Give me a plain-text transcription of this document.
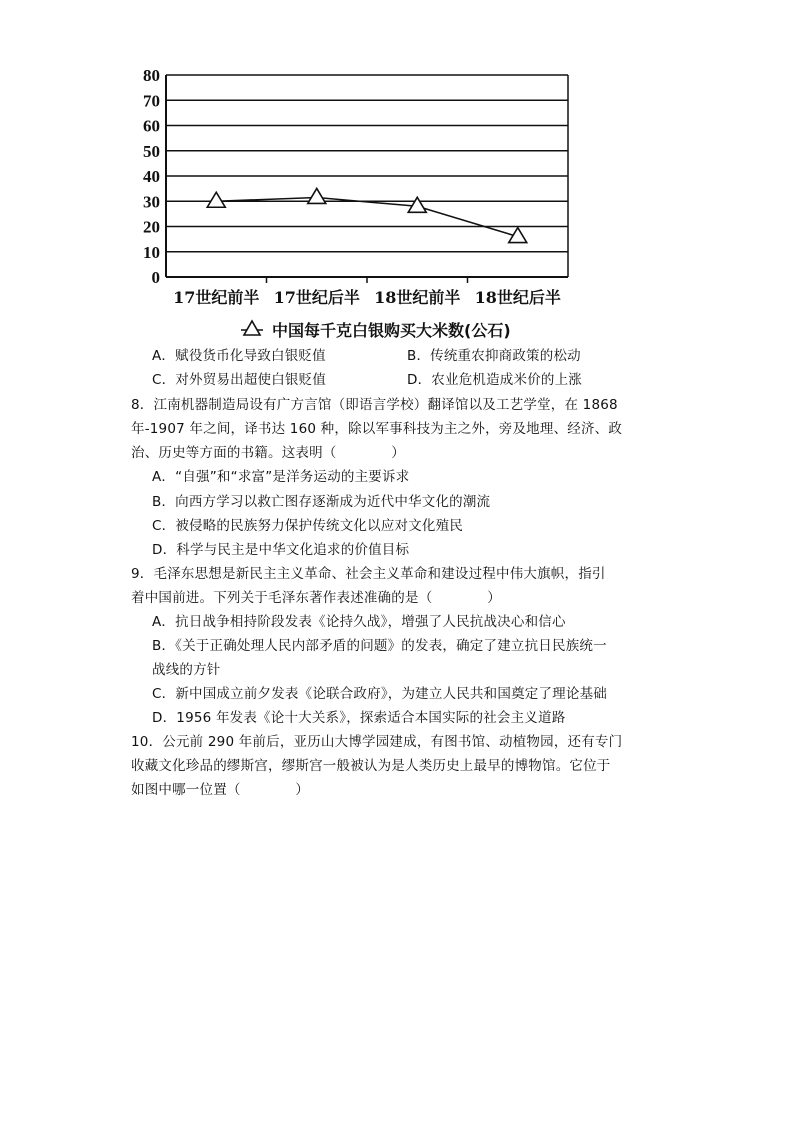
0
10
20
30
40
50
60
70
80
17世纪前半 17世纪后半 18世纪前半 18世纪后半
中国每千克白银购买大米数(公石)
A．赋役货币化导致白银贬值	B．传统重农抑商政策的松动
C．对外贸易出超使白银贬值	D．农业危机造成米价的上涨
8．江南机器制造局设有广方言馆（即语言学校）翻译馆以及工艺学堂，在 1868
年-1907 年之间，译书达 160 种，除以军事科技为主之外，旁及地理、经济、政
治、历史等方面的书籍。这表明（　　　　）
A．“自强”和“求富”是洋务运动的主要诉求
B．向西方学习以救亡图存逐渐成为近代中华文化的潮流
C．被侵略的民族努力保护传统文化以应对文化殖民
D．科学与民主是中华文化追求的价值目标
9．毛泽东思想是新民主主义革命、社会主义革命和建设过程中伟大旗帜，指引
着中国前进。下列关于毛泽东著作表述准确的是（　　　　）
A．抗日战争相持阶段发表《论持久战》，增强了人民抗战决心和信心
B．《关于正确处理人民内部矛盾的问题》的发表，确定了建立抗日民族统一
战线的方针
C．新中国成立前夕发表《论联合政府》，为建立人民共和国奠定了理论基础
D．1956 年发表《论十大关系》，探索适合本国实际的社会主义道路
10．公元前 290 年前后，亚历山大博学园建成，有图书馆、动植物园，还有专门
收藏文化珍品的缪斯宫，缪斯宫一般被认为是人类历史上最早的博物馆。它位于
如图中哪一位置（　　　　）
